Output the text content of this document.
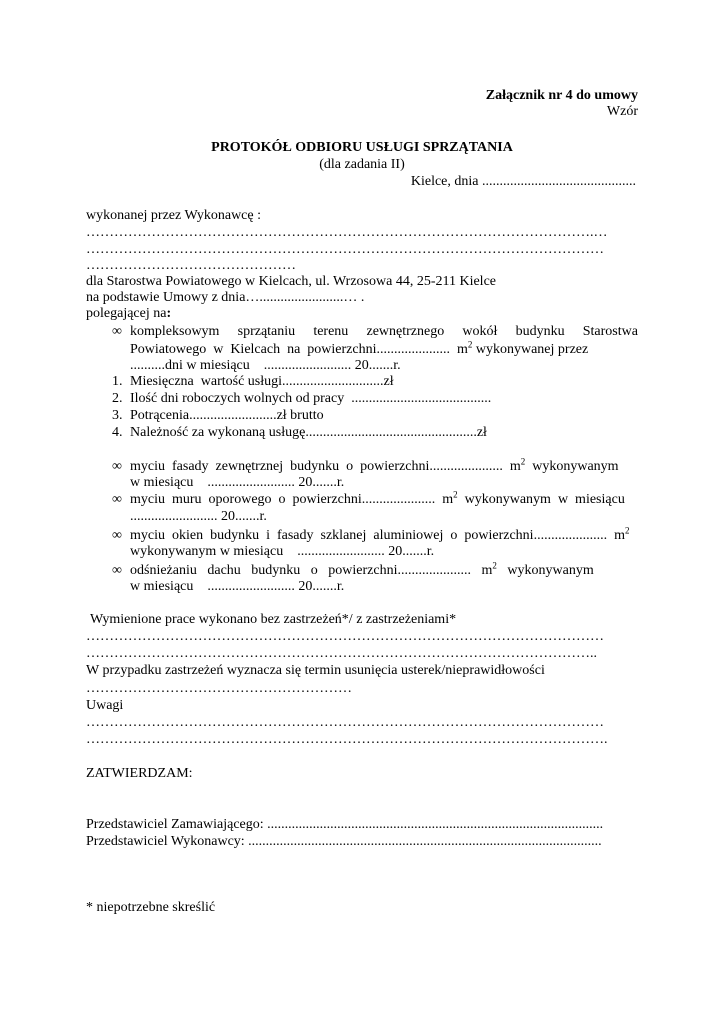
Załącznik nr 4 do umowy
Wzór
PROTOKÓŁ ODBIORU USŁUGI SPRZĄTANIA
(dla zadania II)
Kielce, dnia ............................................
wykonanej przez Wykonawcę :
……………………………………………………………………………………………….…
…………………………………………………………………………………………………
………………………………………
dla Starostwa Powiatowego w Kielcach, ul. Wrzosowa 44, 25-211 Kielce
na podstawie Umowy z dnia…........................… .
polegającej na:
∞ kompleksowym sprzątaniu terenu zewnętrznego wokół budynku Starostwa
Powiatowego  w  Kielcach  na  powierzchni.....................  $m^2$ wykonywanej przez
..........dni w miesiącu    ......................... 20.......r.
1. Miesięczna  wartość usługi.............................zł
2. Ilość dni roboczych wolnych od pracy  ........................................
3. Potrącenia.........................zł brutto
4. Należność za wykonaną usługę.................................................zł
∞ myciu  fasady  zewnętrznej  budynku  o  powierzchni.....................  $m^2$  wykonywanym
w miesiącu    ......................... 20.......r.
∞ myciu  muru  oporowego  o  powierzchni.....................  $m^2$  wykonywanym  w  miesiącu
......................... 20.......r.
∞ myciu  okien  budynku  i  fasady  szklanej  aluminiowej  o  powierzchni.....................  $m^2$
wykonywanym w miesiącu    ......................... 20.......r.
∞ odśnieżaniu   dachu   budynku   o   powierzchni.....................   $m^2$   wykonywanym
w miesiącu    ......................... 20.......r.
Wymienione prace wykonano bez zastrzeżeń*/ z zastrzeżeniami*
…………………………………………………………………………………………………
………………………………………………………………………………………………..
W przypadku zastrzeżeń wyznacza się termin usunięcia usterek/nieprawidłowości
…………………………………………………
Uwagi
…………………………………………………………………………………………………
………………………………………………………………………………………………….
ZATWIERDZAM:
Przedstawiciel Zamawiającego: ................................................................................................
Przedstawiciel Wykonawcy: .....................................................................................................
* niepotrzebne skreślić
